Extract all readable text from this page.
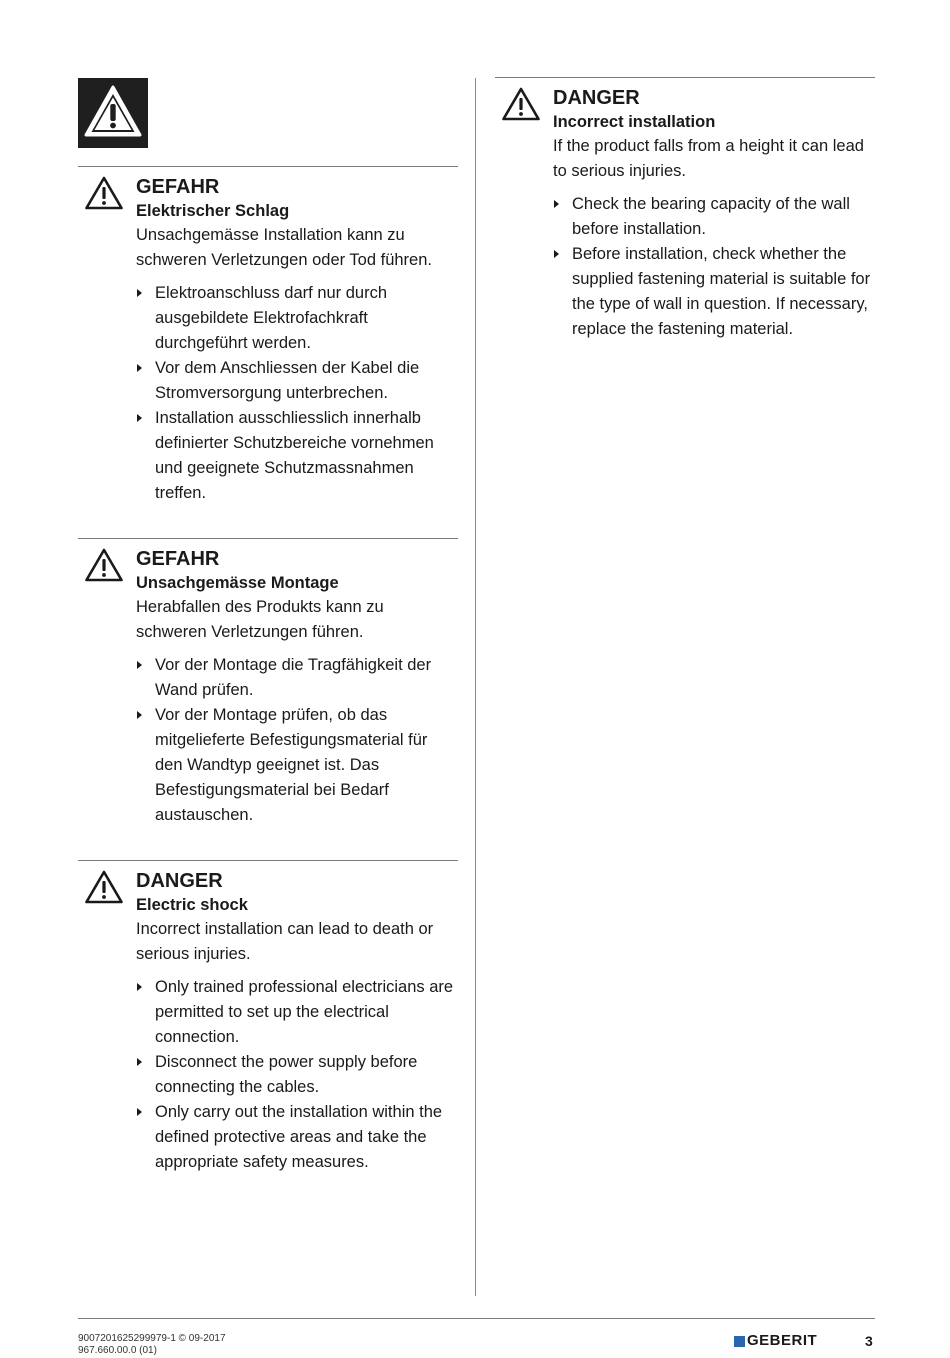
GEFAHR
Elektrischer Schlag
Unsachgemässe Installation kann zu schweren Verletzungen oder Tod führen.
Elektroanschluss darf nur durch ausgebildete Elektrofachkraft durchgeführt werden.
Vor dem Anschliessen der Kabel die Stromversorgung unterbrechen.
Installation ausschliesslich innerhalb definierter Schutzbereiche vornehmen und geeignete Schutzmassnahmen treffen.
GEFAHR
Unsachgemässe Montage
Herabfallen des Produkts kann zu schweren Verletzungen führen.
Vor der Montage die Tragfähigkeit der Wand prüfen.
Vor der Montage prüfen, ob das mitgelieferte Befestigungsmaterial für den Wandtyp geeignet ist. Das Befestigungsmaterial bei Bedarf austauschen.
DANGER
Electric shock
Incorrect installation can lead to death or serious injuries.
Only trained professional electricians are permitted to set up the electrical connection.
Disconnect the power supply before connecting the cables.
Only carry out the installation within the defined protective areas and take the appropriate safety measures.
DANGER
Incorrect installation
If the product falls from a height it can lead to serious injuries.
Check the bearing capacity of the wall before installation.
Before installation, check whether the supplied fastening material is suitable for the type of wall in question. If necessary, replace the fastening material.
9007201625299979-1 © 09-2017
967.660.00.0 (01)
GEBERIT	3
